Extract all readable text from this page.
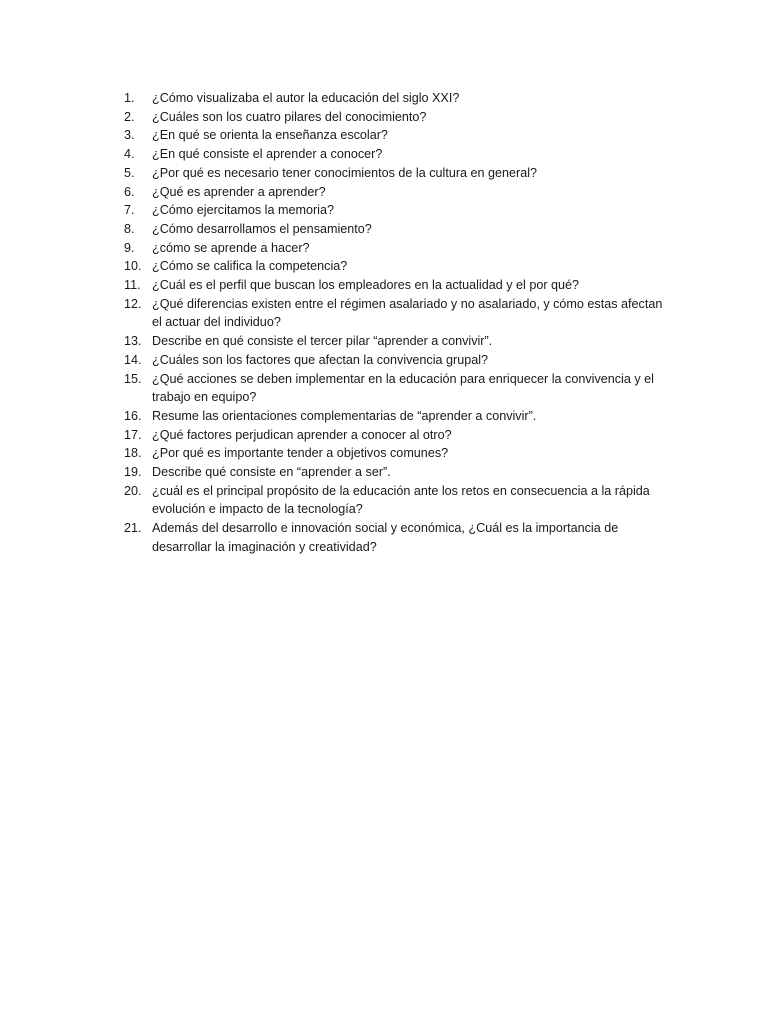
1.	¿Cómo visualizaba el autor la educación del siglo XXI?
2.	¿Cuáles son los cuatro pilares del conocimiento?
3.	¿En qué se orienta la enseñanza escolar?
4.	¿En qué consiste el aprender a conocer?
5.	¿Por qué es necesario tener conocimientos de la cultura en general?
6.	¿Qué es aprender a aprender?
7.	¿Cómo ejercitamos la memoria?
8.	¿Cómo desarrollamos el pensamiento?
9.	¿cómo se aprende a hacer?
10. ¿Cómo se califica la competencia?
11. ¿Cuál es el perfil que buscan los empleadores en la actualidad y el por qué?
12. ¿Qué diferencias existen entre el régimen asalariado y no asalariado, y cómo estas afectan el actuar del individuo?
13. Describe en qué consiste el tercer pilar “aprender a convivir”.
14. ¿Cuáles son los factores que afectan la convivencia grupal?
15. ¿Qué acciones se deben implementar en la educación para enriquecer la convivencia y el trabajo en equipo?
16. Resume las orientaciones complementarias de “aprender a convivir”.
17. ¿Qué factores perjudican aprender a conocer al otro?
18. ¿Por qué es importante tender a objetivos comunes?
19. Describe qué consiste en “aprender a ser”.
20. ¿cuál es el principal propósito de la educación ante los retos en consecuencia a la rápida evolución e impacto de la tecnología?
21. Además del desarrollo e innovación social y económica, ¿Cuál es la importancia de desarrollar la imaginación y creatividad?
